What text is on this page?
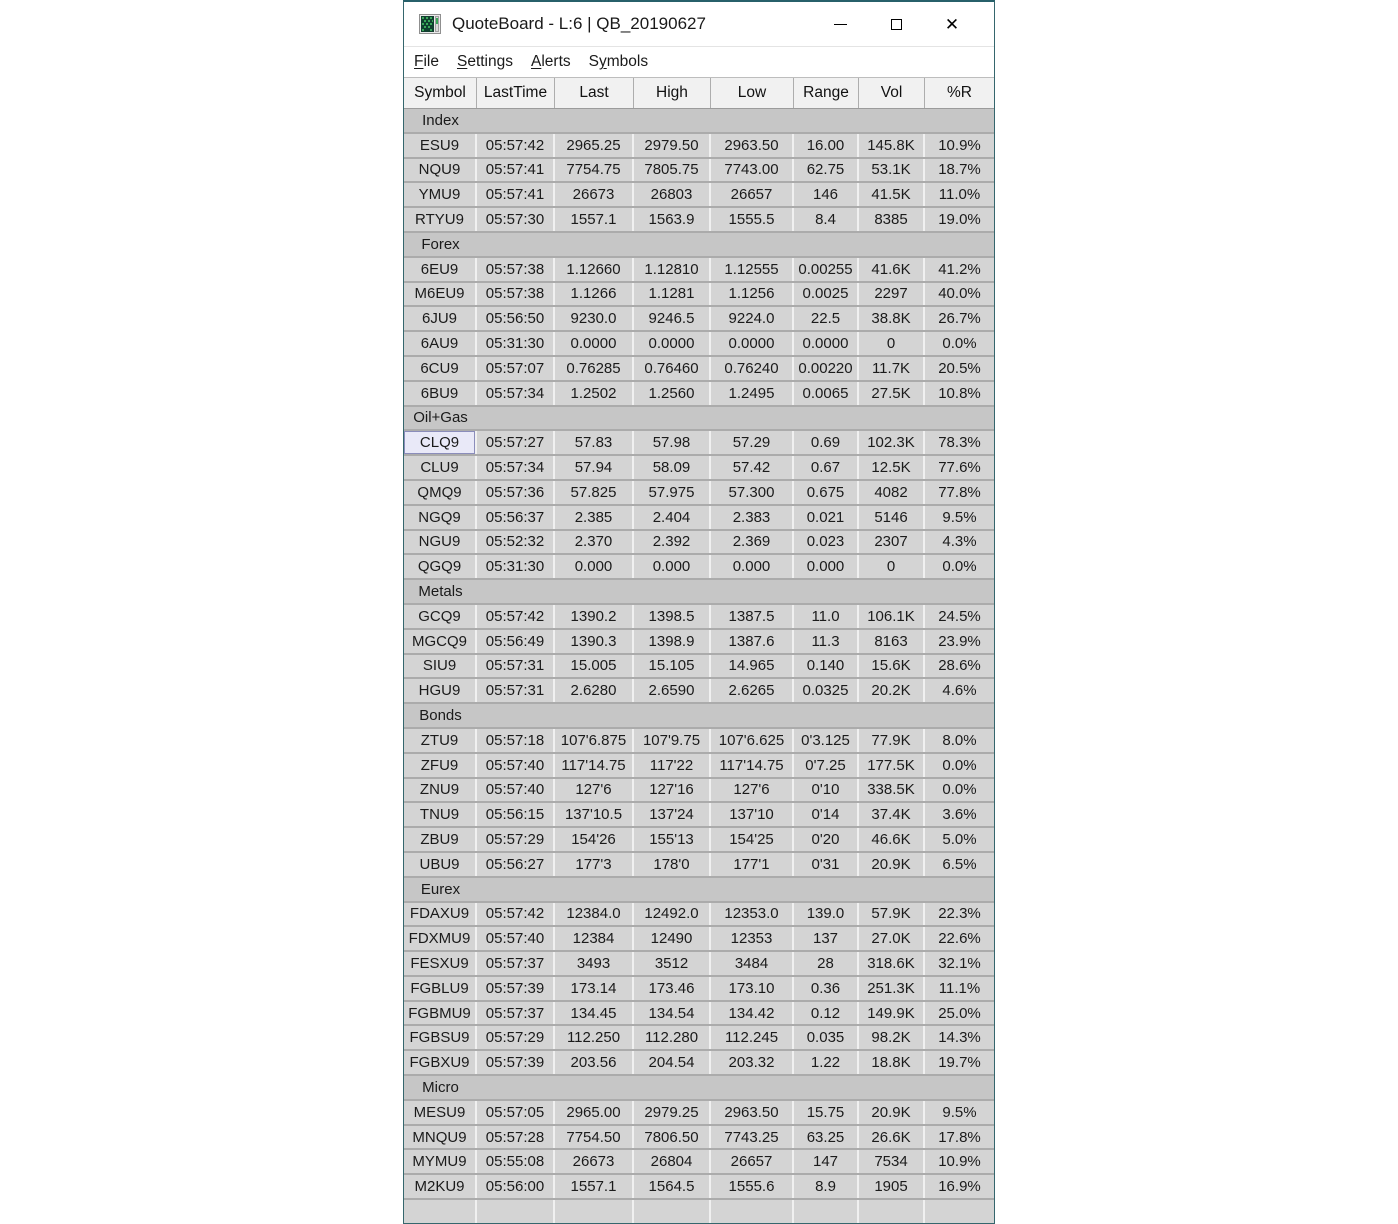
QuoteBoard - L:6 | QB_20190627	✕
File	Settings	Alerts	Symbols
Symbol	LastTime	Last	High	Low	Range	Vol	%R
Index
ESU9	05:57:42	2965.25	2979.50	2963.50	16.00	145.8K	10.9%
NQU9	05:57:41	7754.75	7805.75	7743.00	62.75	53.1K	18.7%
YMU9	05:57:41	26673	26803	26657	146	41.5K	11.0%
RTYU9	05:57:30	1557.1	1563.9	1555.5	8.4	8385	19.0%
Forex
6EU9	05:57:38	1.12660	1.12810	1.12555	0.00255	41.6K	41.2%
M6EU9	05:57:38	1.1266	1.1281	1.1256	0.0025	2297	40.0%
6JU9	05:56:50	9230.0	9246.5	9224.0	22.5	38.8K	26.7%
6AU9	05:31:30	0.0000	0.0000	0.0000	0.0000	0	0.0%
6CU9	05:57:07	0.76285	0.76460	0.76240	0.00220	11.7K	20.5%
6BU9	05:57:34	1.2502	1.2560	1.2495	0.0065	27.5K	10.8%
Oil+Gas
CLQ9	05:57:27	57.83	57.98	57.29	0.69	102.3K	78.3%
CLU9	05:57:34	57.94	58.09	57.42	0.67	12.5K	77.6%
QMQ9	05:57:36	57.825	57.975	57.300	0.675	4082	77.8%
NGQ9	05:56:37	2.385	2.404	2.383	0.021	5146	9.5%
NGU9	05:52:32	2.370	2.392	2.369	0.023	2307	4.3%
QGQ9	05:31:30	0.000	0.000	0.000	0.000	0	0.0%
Metals
GCQ9	05:57:42	1390.2	1398.5	1387.5	11.0	106.1K	24.5%
MGCQ9	05:56:49	1390.3	1398.9	1387.6	11.3	8163	23.9%
SIU9	05:57:31	15.005	15.105	14.965	0.140	15.6K	28.6%
HGU9	05:57:31	2.6280	2.6590	2.6265	0.0325	20.2K	4.6%
Bonds
ZTU9	05:57:18	107'6.875	107'9.75	107'6.625	0'3.125	77.9K	8.0%
ZFU9	05:57:40	117'14.75	117'22	117'14.75	0'7.25	177.5K	0.0%
ZNU9	05:57:40	127'6	127'16	127'6	0'10	338.5K	0.0%
TNU9	05:56:15	137'10.5	137'24	137'10	0'14	37.4K	3.6%
ZBU9	05:57:29	154'26	155'13	154'25	0'20	46.6K	5.0%
UBU9	05:56:27	177'3	178'0	177'1	0'31	20.9K	6.5%
Eurex
FDAXU9	05:57:42	12384.0	12492.0	12353.0	139.0	57.9K	22.3%
FDXMU9	05:57:40	12384	12490	12353	137	27.0K	22.6%
FESXU9	05:57:37	3493	3512	3484	28	318.6K	32.1%
FGBLU9	05:57:39	173.14	173.46	173.10	0.36	251.3K	11.1%
FGBMU9	05:57:37	134.45	134.54	134.42	0.12	149.9K	25.0%
FGBSU9	05:57:29	112.250	112.280	112.245	0.035	98.2K	14.3%
FGBXU9	05:57:39	203.56	204.54	203.32	1.22	18.8K	19.7%
Micro
MESU9	05:57:05	2965.00	2979.25	2963.50	15.75	20.9K	9.5%
MNQU9	05:57:28	7754.50	7806.50	7743.25	63.25	26.6K	17.8%
MYMU9	05:55:08	26673	26804	26657	147	7534	10.9%
M2KU9	05:56:00	1557.1	1564.5	1555.6	8.9	1905	16.9%
